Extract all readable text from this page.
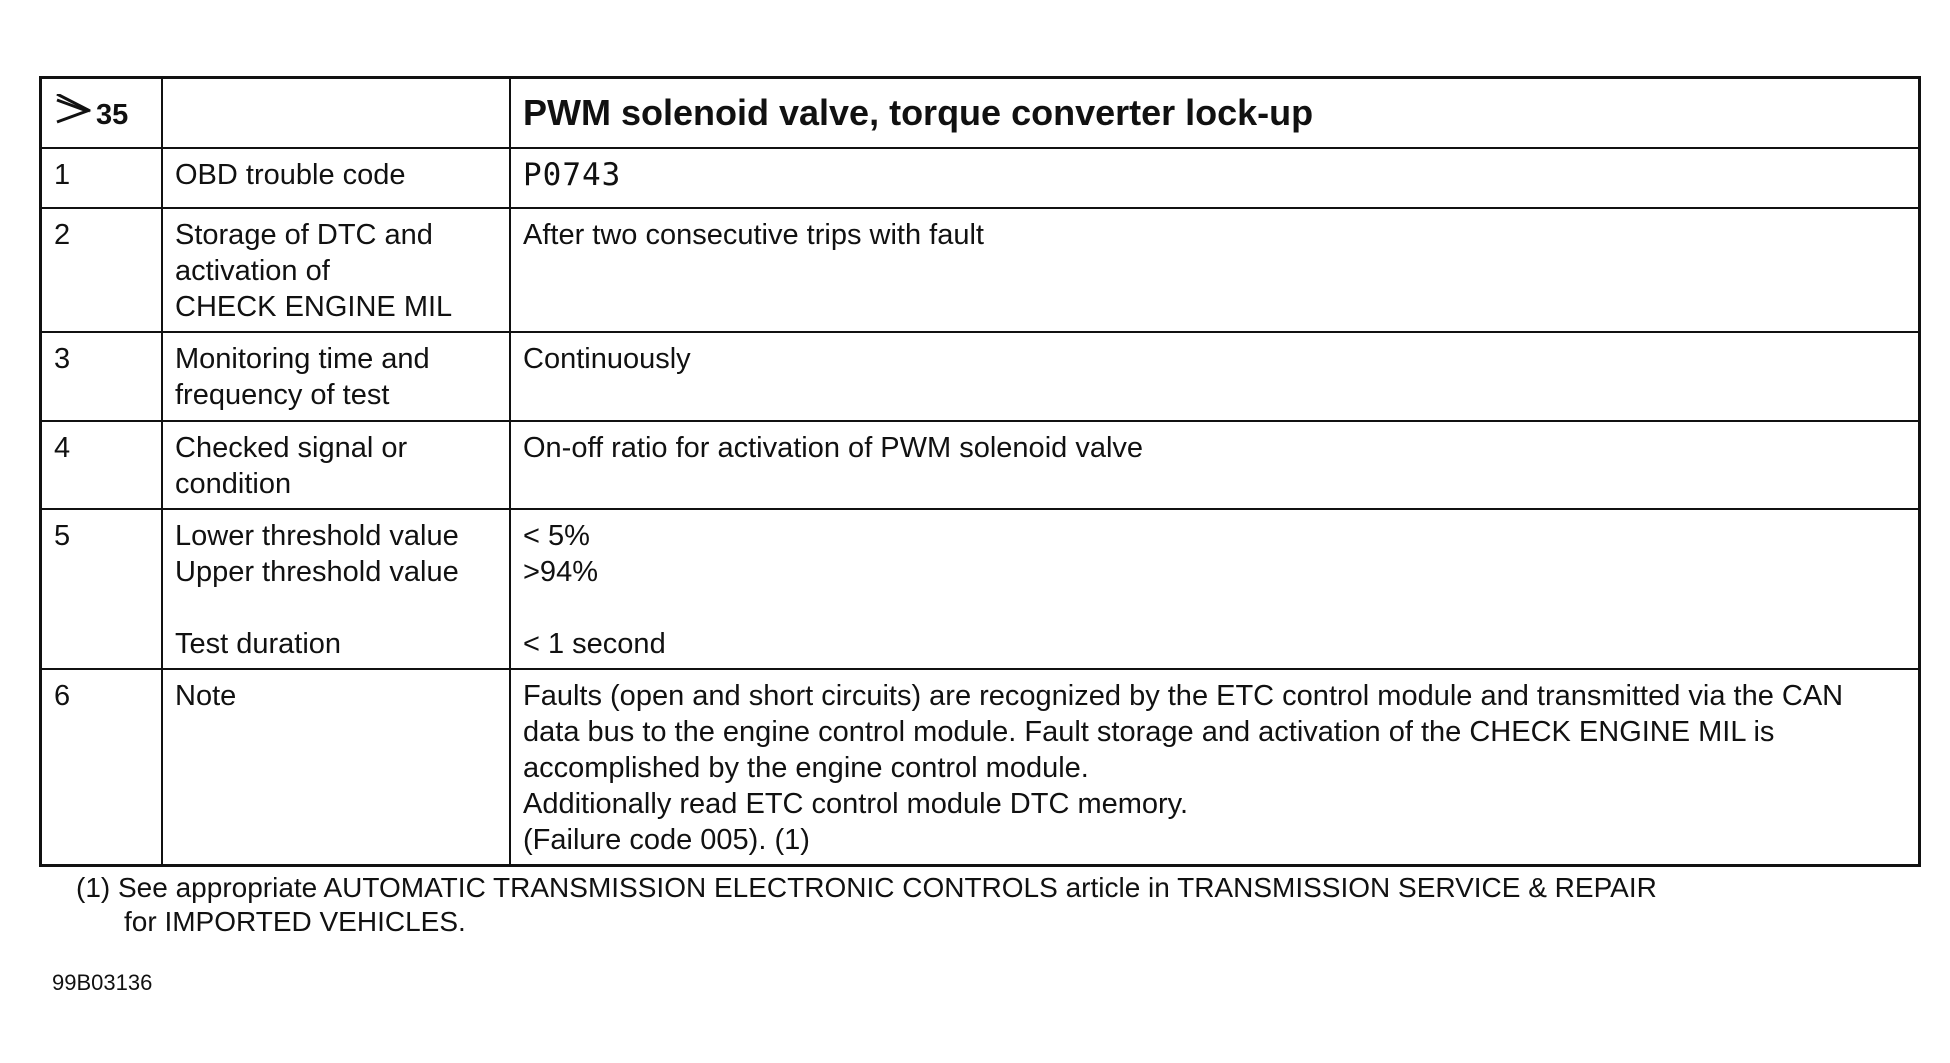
35		PWM solenoid valve, torque converter lock-up
1	OBD trouble code	P0743
2	Storage of DTC and
activation of
CHECK ENGINE MIL	After two consecutive trips with fault
3	Monitoring time and
frequency of test	Continuously
4	Checked signal or
condition	On-off ratio for activation of PWM solenoid valve
5	Lower threshold value
Upper threshold value
Test duration	< 5%
>94%
< 1 second

6	Note	Faults (open and short circuits) are recognized by the ETC control module and transmitted via the CAN
data bus to the engine control module. Fault storage and activation of the CHECK ENGINE MIL is
accomplished by the engine control module.
Additionally read ETC control module DTC memory.
(Failure code 005). (1)
(1) See appropriate AUTOMATIC TRANSMISSION ELECTRONIC CONTROLS article in TRANSMISSION SERVICE & REPAIR
for IMPORTED VEHICLES.
99B03136
